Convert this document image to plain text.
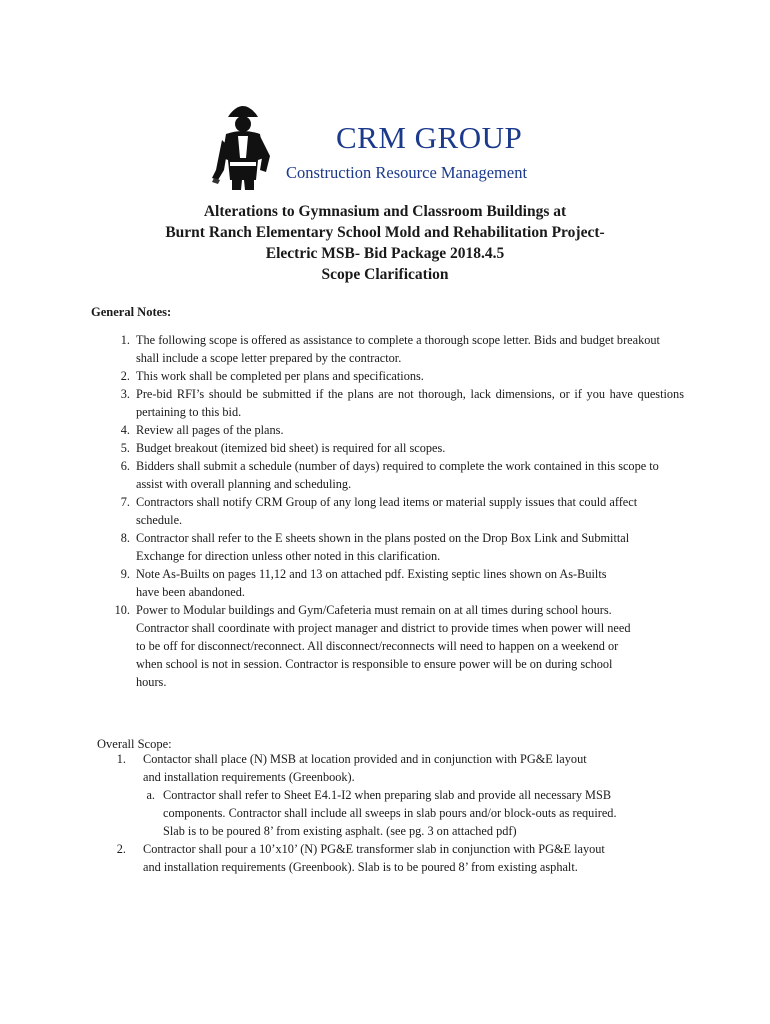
CRM GROUP
Construction Resource Management
Alterations to Gymnasium and Classroom Buildings at
Burnt Ranch Elementary School Mold and Rehabilitation Project-
Electric MSB- Bid Package 2018.4.5
Scope Clarification
General Notes:
1. The following scope is offered as assistance to complete a thorough scope letter. Bids and budget breakout shall include a scope letter prepared by the contractor.
2. This work shall be completed per plans and specifications.
3. Pre-bid RFI’s should be submitted if the plans are not thorough, lack dimensions, or if you have questions pertaining to this bid.
4. Review all pages of the plans.
5. Budget breakout (itemized bid sheet) is required for all scopes.
6. Bidders shall submit a schedule (number of days) required to complete the work contained in this scope to assist with overall planning and scheduling.
7. Contractors shall notify CRM Group of any long lead items or material supply issues that could affect schedule.
8. Contractor shall refer to the E sheets shown in the plans posted on the Drop Box Link and Submittal Exchange for direction unless other noted in this clarification.
9. Note As-Builts on pages 11,12 and 13 on attached pdf. Existing septic lines shown on As-Builts have been abandoned.
10. Power to Modular buildings and Gym/Cafeteria must remain on at all times during school hours. Contractor shall coordinate with project manager and district to provide times when power will need to be off for disconnect/reconnect. All disconnect/reconnects will need to happen on a weekend or when school is not in session. Contractor is responsible to ensure power will be on during school hours.
Overall Scope:
1. Contactor shall place (N) MSB at location provided and in conjunction with PG&E layout and installation requirements (Greenbook).
a. Contractor shall refer to Sheet E4.1-I2 when preparing slab and provide all necessary MSB components. Contractor shall include all sweeps in slab pours and/or block-outs as required. Slab is to be poured 8’ from existing asphalt. (see pg. 3 on attached pdf)
2. Contractor shall pour a 10’x10’ (N) PG&E transformer slab in conjunction with PG&E layout and installation requirements (Greenbook). Slab is to be poured 8’ from existing asphalt.
